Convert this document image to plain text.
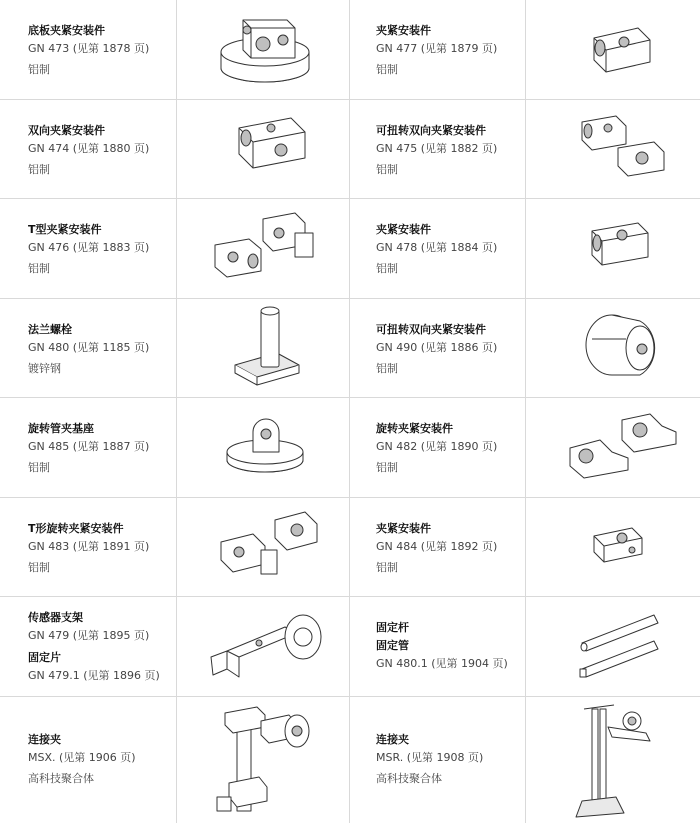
底板夹紧安装件
GN 473 (见第 1878 页)
铝制
夹紧安装件
GN 477 (见第 1879 页)
铝制
双向夹紧安装件
GN 474 (见第 1880 页)
铝制
可扭转双向夹紧安装件
GN 475 (见第 1882 页)
铝制
T型夹紧安装件
GN 476 (见第 1883 页)
铝制
夹紧安装件
GN 478 (见第 1884 页)
铝制
法兰螺栓
GN 480 (见第 1185 页)
镀锌钢
可扭转双向夹紧安装件
GN 490 (见第 1886 页)
铝制
旋转管夹基座
GN 485 (见第 1887 页)
铝制
旋转夹紧安装件
GN 482 (见第 1890 页)
铝制
T形旋转夹紧安装件
GN 483 (见第 1891 页)
铝制
夹紧安装件
GN 484 (见第 1892 页)
铝制
传感器支架
GN 479 (见第 1895 页)
固定片
GN 479.1 (见第 1896 页)
固定杆
固定管
GN 480.1 (见第 1904 页)
连接夹
MSX. (见第 1906 页)
高科技聚合体
连接夹
MSR. (见第 1908 页)
高科技聚合体
